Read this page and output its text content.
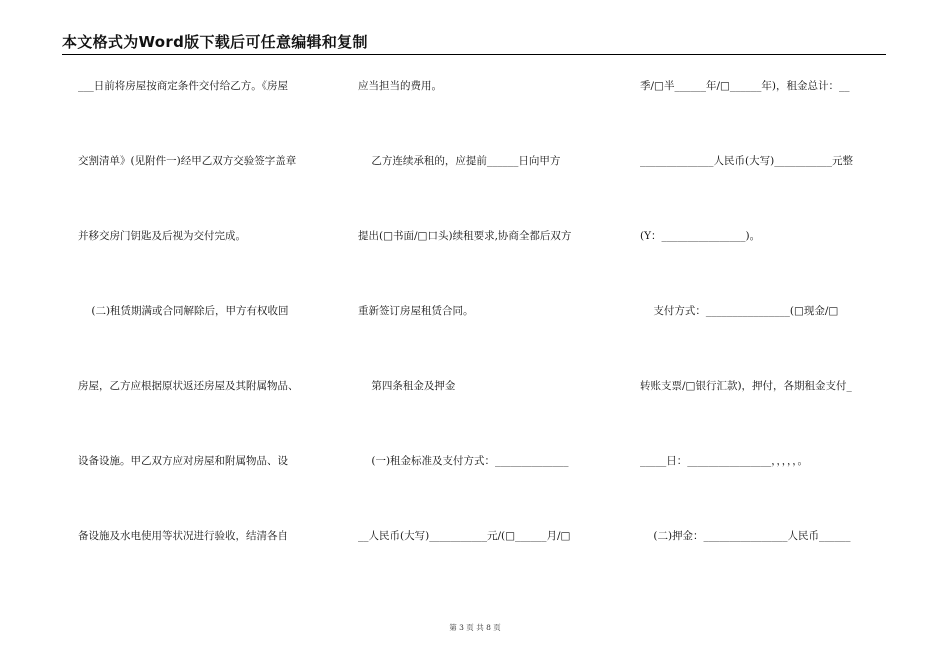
本文格式为Word版下载后可任意编辑和复制
___日前将房屋按商定条件交付给乙方。《房屋
交割清单》(见附件一)经甲乙双方交验签字盖章
并移交房门钥匙及后视为交付完成。
(二)租赁期满或合同解除后，甲方有权收回
房屋，乙方应根据原状返还房屋及其附属物品、
设备设施。甲乙双方应对房屋和附属物品、设
备设施及水电使用等状况进行验收，结清各自
应当担当的费用。
乙方连续承租的，应提前______日向甲方
提出(□书面/□口头)续租要求,协商全都后双方
重新签订房屋租赁合同。
第四条租金及押金
(一)租金标准及支付方式：______________
__人民币(大写)___________元/(□______月/□
季/□半______年/□______年)，租金总计：__
______________人民币(大写)___________元整
(Y：________________)。
支付方式：________________(□现金/□
转账支票/□银行汇款)，押付，各期租金支付_
_____日：________________，，，，，。
(二)押金：________________人民币______
第 3 页 共 8 页
